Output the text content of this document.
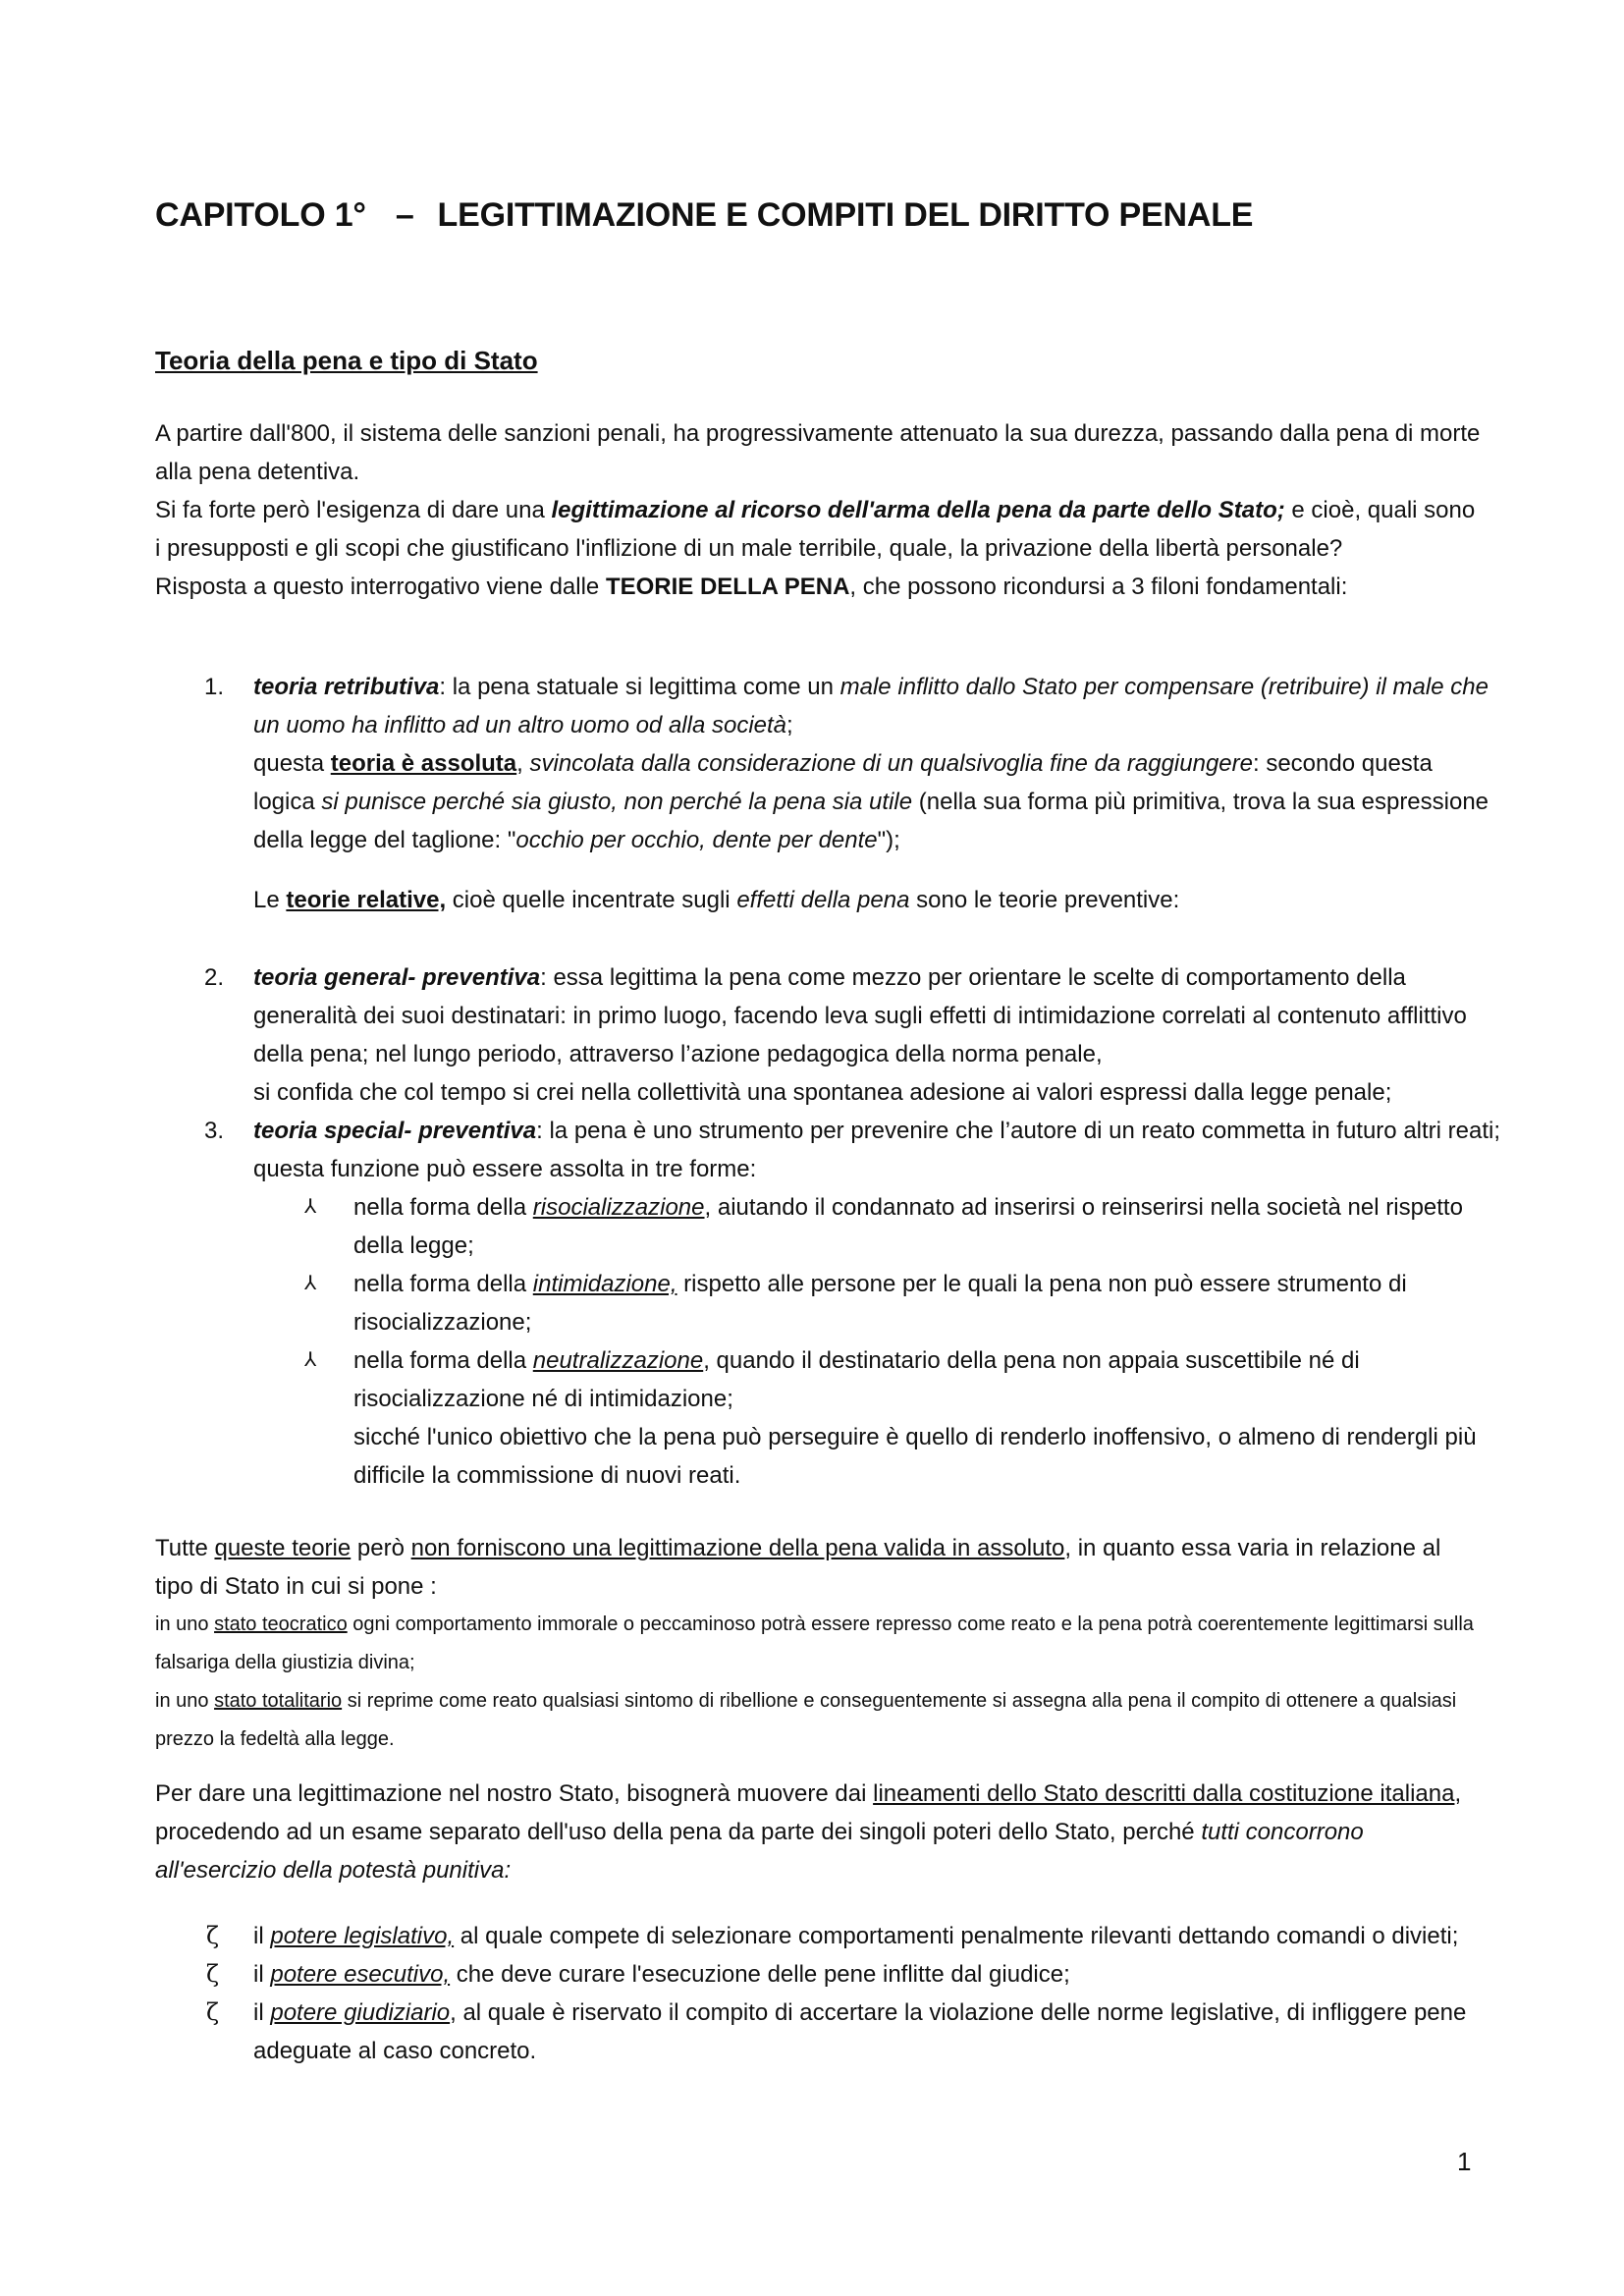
CAPITOLO 1° – LEGITTIMAZIONE E COMPITI DEL DIRITTO PENALE
Teoria della pena e tipo di Stato
A partire dall'800, il sistema delle sanzioni penali, ha progressivamente attenuato la sua durezza, passando dalla pena di morte alla pena detentiva.
Si fa forte però l'esigenza di dare una legittimazione al ricorso dell'arma della pena da parte dello Stato; e cioè, quali sono i presupposti e gli scopi che giustificano l'inflizione di un male terribile, quale, la privazione della libertà personale?
Risposta a questo interrogativo viene dalle TEORIE DELLA PENA, che possono ricondursi a 3 filoni fondamentali:
1. teoria retributiva: la pena statuale si legittima come un male inflitto dallo Stato per compensare (retribuire) il male che un uomo ha inflitto ad un altro uomo od alla società;
questa teoria è assoluta, svincolata dalla considerazione di un qualsivoglia fine da raggiungere: secondo questa logica si punisce perché sia giusto, non perché la pena sia utile (nella sua forma più primitiva, trova la sua espressione della legge del taglione: "occhio per occhio, dente per dente");
Le teorie relative, cioè quelle incentrate sugli effetti della pena sono le teorie preventive:
2. teoria general- preventiva: essa legittima la pena come mezzo per orientare le scelte di comportamento della generalità dei suoi destinatari: in primo luogo, facendo leva sugli effetti di intimidazione correlati al contenuto afflittivo della pena; nel lungo periodo, attraverso l’azione pedagogica della norma penale,
si confida che col tempo si crei nella collettività una spontanea adesione ai valori espressi dalla legge penale;
3. teoria special- preventiva: la pena è uno strumento per prevenire che l’autore di un reato commetta in futuro altri reati; questa funzione può essere assolta in tre forme:
⅄ nella forma della risocializzazione, aiutando il condannato ad inserirsi o reinserirsi nella società nel rispetto della legge;
⅄ nella forma della intimidazione, rispetto alle persone per le quali la pena non può essere strumento di risocializzazione;
⅄ nella forma della neutralizzazione, quando il destinatario della pena non appaia suscettibile né di risocializzazione né di intimidazione;
sicché l'unico obiettivo che la pena può perseguire è quello di renderlo inoffensivo, o almeno di rendergli più difficile la commissione di nuovi reati.
Tutte queste teorie però non forniscono una legittimazione della pena valida in assoluto, in quanto essa varia in relazione al tipo di Stato in cui si pone :
in uno stato teocratico ogni comportamento immorale o peccaminoso potrà essere represso come reato e la pena potrà coerentemente legittimarsi sulla falsariga della giustizia divina;
in uno stato totalitario si reprime come reato qualsiasi sintomo di ribellione e conseguentemente si assegna alla pena il compito di ottenere a qualsiasi prezzo la fedeltà alla legge.
Per dare una legittimazione nel nostro Stato, bisognerà muovere dai lineamenti dello Stato descritti dalla costituzione italiana, procedendo ad un esame separato dell'uso della pena da parte dei singoli poteri dello Stato, perché tutti concorrono all'esercizio della potestà punitiva:
ζ il potere legislativo, al quale compete di selezionare comportamenti penalmente rilevanti dettando comandi o divieti;
ζ il potere esecutivo, che deve curare l'esecuzione delle pene inflitte dal giudice;
ζ il potere giudiziario, al quale è riservato il compito di accertare la violazione delle norme legislative, di infliggere pene adeguate al caso concreto.
1
